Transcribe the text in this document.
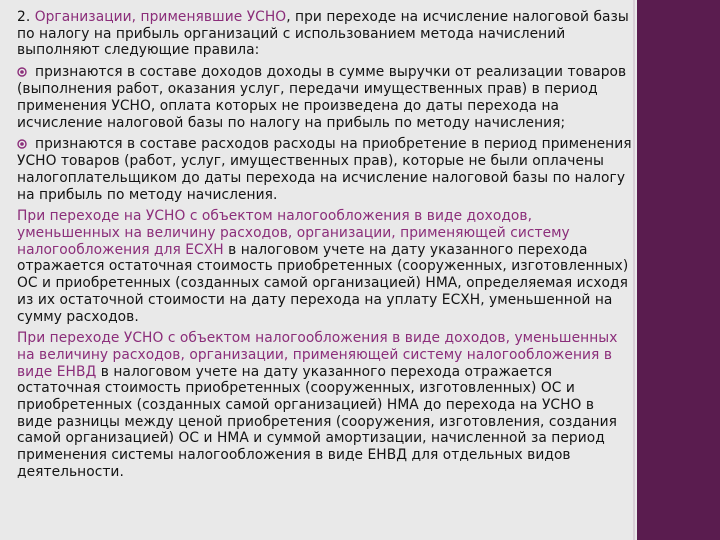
2. Организации, применявшие УСНО, при переходе на исчисление налоговой базы по налогу на прибыль организаций с использованием метода начислений выполняют следующие правила:

признаются в составе доходов доходы в сумме выручки от реализации товаров (выполнения работ, оказания услуг, передачи имущественных прав) в период применения УСНО, оплата которых не произведена до даты перехода на исчисление налоговой базы по налогу на прибыль по методу начисления;

признаются в составе расходов расходы на приобретение в период применения УСНО товаров (работ, услуг, имущественных прав), которые не были оплачены налогоплательщиком до даты перехода на исчисление налоговой базы по налогу на прибыль по методу начисления.

При переходе на УСНО с объектом налогообложения в виде доходов, уменьшенных на величину расходов, организации, применяющей систему налогообложения для ЕСХН в налоговом учете на дату указанного перехода отражается остаточная стоимость приобретенных (сооруженных, изготовленных) ОС и приобретенных (созданных самой организацией) НМА, определяемая исходя из их остаточной стоимости на дату перехода на уплату ЕСХН, уменьшенной на сумму расходов.

При переходе УСНО с объектом налогообложения в виде доходов, уменьшенных на величину расходов, организации, применяющей систему налогообложения в виде ЕНВД в налоговом учете на дату указанного перехода отражается остаточная стоимость приобретенных (сооруженных, изготовленных) ОС и приобретенных (созданных самой организацией) НМА до перехода на УСНО в виде разницы между ценой приобретения (сооружения, изготовления, создания самой организацией) ОС и НМА и суммой амортизации, начисленной за период применения системы налогообложения в виде ЕНВД для отдельных видов деятельности.
